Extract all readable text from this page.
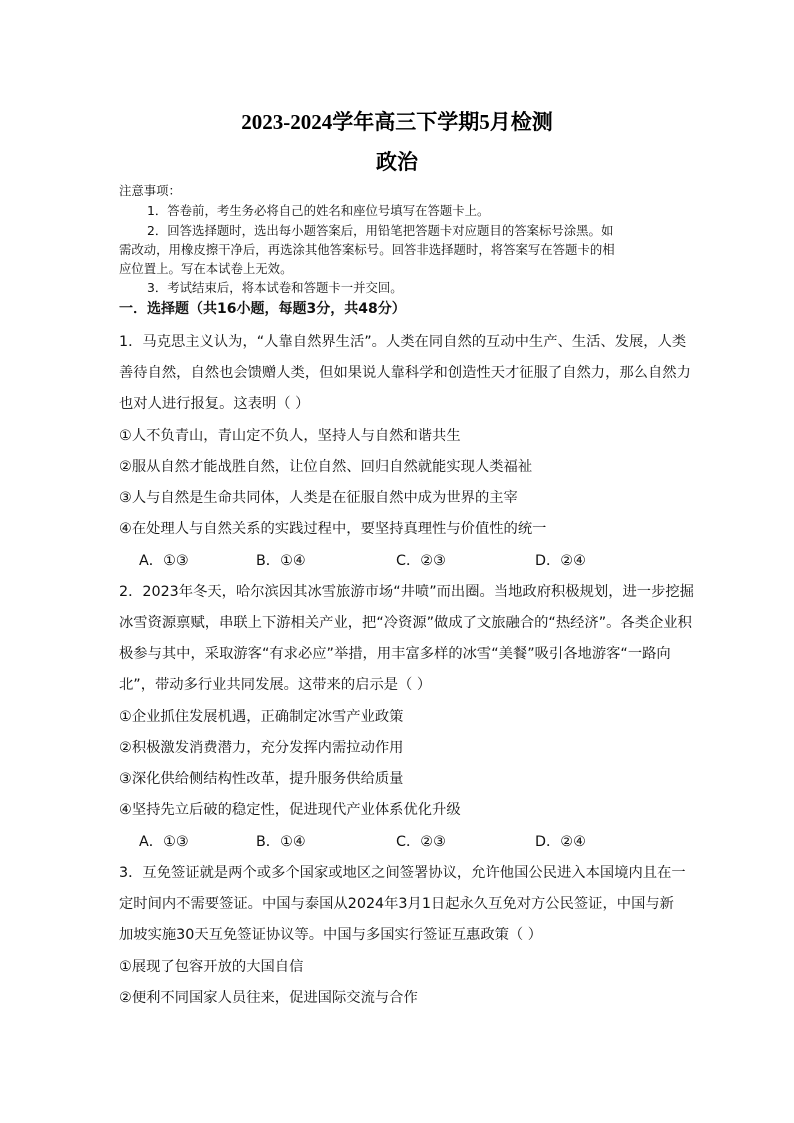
2023-2024学年高三下学期5月检测
政治
注意事项：
1．答卷前，考生务必将自己的姓名和座位号填写在答题卡上。
2．回答选择题时，选出每小题答案后，用铅笔把答题卡对应题目的答案标号涂黑。如
需改动，用橡皮擦干净后，再选涂其他答案标号。回答非选择题时，将答案写在答题卡的相
应位置上。写在本试卷上无效。
3．考试结束后，将本试卷和答题卡一并交回。
一．选择题（共16小题，每题3分，共48分）
1．马克思主义认为，“人靠自然界生活”。人类在同自然的互动中生产、生活、发展，人类
善待自然，自然也会馈赠人类，但如果说人靠科学和创造性天才征服了自然力，那么自然力
也对人进行报复。这表明（ ）
①人不负青山，青山定不负人，坚持人与自然和谐共生
②服从自然才能战胜自然，让位自然、回归自然就能实现人类福祉
③人与自然是生命共同体，人类是在征服自然中成为世界的主宰
④在处理人与自然关系的实践过程中，要坚持真理性与价值性的统一
A．①③	B．①④	C．②③	D．②④
2．2023年冬天，哈尔滨因其冰雪旅游市场“井喷”而出圈。当地政府积极规划，进一步挖掘
冰雪资源禀赋，串联上下游相关产业，把“冷资源”做成了文旅融合的“热经济”。各类企业积
极参与其中，采取游客“有求必应”举措，用丰富多样的冰雪“美餐”吸引各地游客“一路向
北”，带动多行业共同发展。这带来的启示是（ ）
①企业抓住发展机遇，正确制定冰雪产业政策
②积极激发消费潜力，充分发挥内需拉动作用
③深化供给侧结构性改革，提升服务供给质量
④坚持先立后破的稳定性，促进现代产业体系优化升级
A．①③	B．①④	C．②③	D．②④
3．互免签证就是两个或多个国家或地区之间签署协议，允许他国公民进入本国境内且在一
定时间内不需要签证。中国与泰国从2024年3月1日起永久互免对方公民签证，中国与新
加坡实施30天互免签证协议等。中国与多国实行签证互惠政策（ ）
①展现了包容开放的大国自信
②便利不同国家人员往来，促进国际交流与合作
